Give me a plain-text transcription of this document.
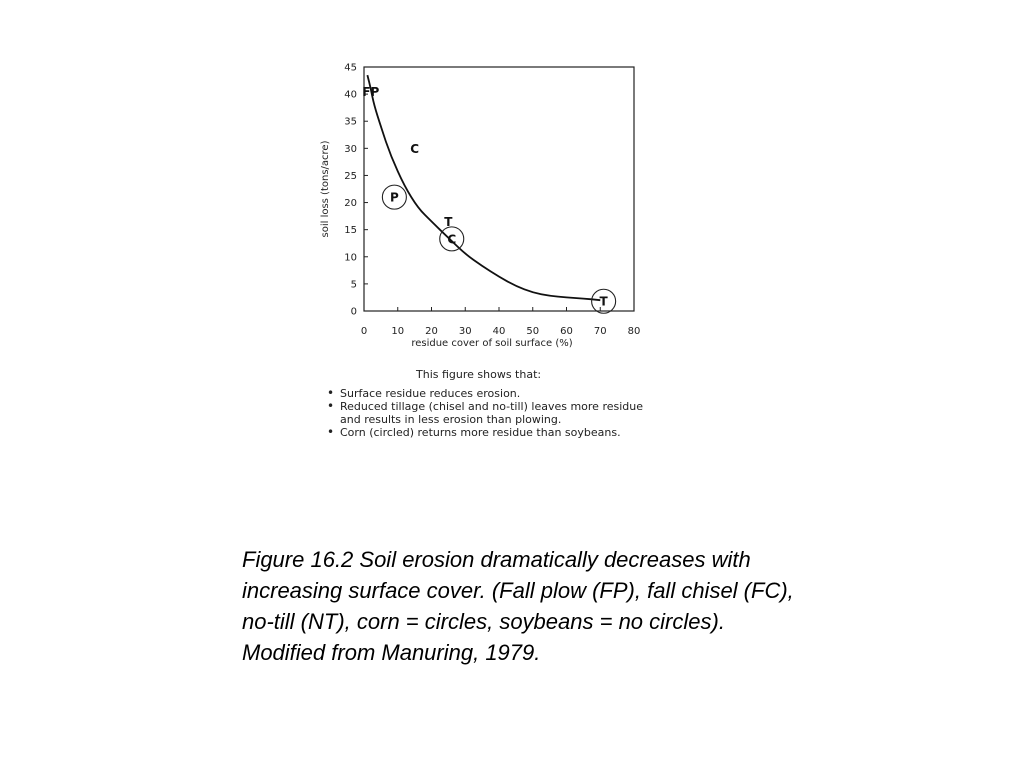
0
5
10
15
20
25
30
35
40
45
0 10 20 30 40 50 60 70 80
soil loss (tons/acre)
residue cover of soil surface (%)
FP
C
P
T
C
T
This figure shows that:
• Surface residue reduces erosion.
• Reduced tillage (chisel and no-till) leaves more residue and results in less erosion than plowing.
• Corn (circled) returns more residue than soybeans.
Figure 16.2 Soil erosion dramatically decreases with increasing surface cover. (Fall plow (FP), fall chisel (FC), no-till (NT), corn = circles, soybeans = no circles). Modified from Manuring, 1979.
